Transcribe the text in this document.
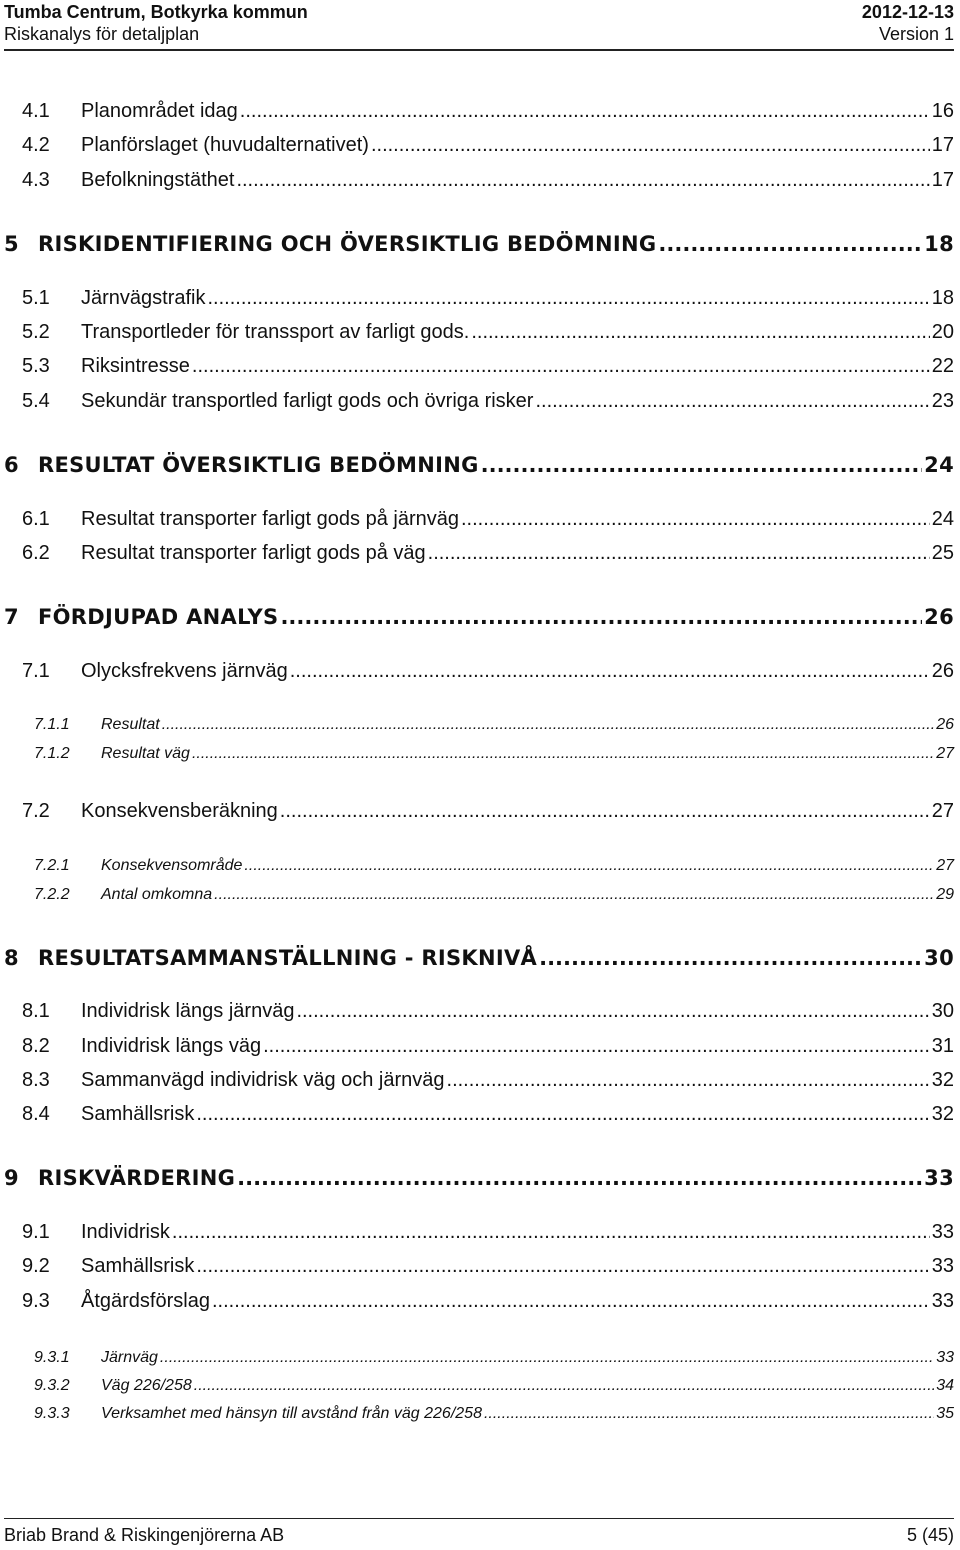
Tumba Centrum, Botkyrka kommun	2012-12-13
Riskanalys för detaljplan	Version 1
4.1	Planområdet idag .....	16
4.2	Planförslaget (huvudalternativet) .....	17
4.3	Befolkningstäthet .....	17
5 RISKIDENTIFIERING OCH ÖVERSIKTLIG BEDÖMNING .....	18
5.1	Järnvägstrafik .....	18
5.2	Transportleder för transsport av farligt gods. .....	20
5.3	Riksintresse .....	22
5.4	Sekundär transportled farligt gods och övriga risker .....	23
6 RESULTAT ÖVERSIKTLIG BEDÖMNING .....	24
6.1	Resultat transporter farligt gods på järnväg .....	24
6.2	Resultat transporter farligt gods på väg .....	25
7 FÖRDJUPAD ANALYS .....	26
7.1	Olycksfrekvens järnväg .....	26
7.1.1	Resultat .....	26
7.1.2	Resultat väg .....	27
7.2	Konsekvensberäkning .....	27
7.2.1	Konsekvensområde .....	27
7.2.2	Antal omkomna .....	29
8 RESULTATSAMMANSTÄLLNING - RISKNIVÅ .....	30
8.1	Individrisk längs järnväg .....	30
8.2	Individrisk längs väg .....	31
8.3	Sammanvägd individrisk väg och järnväg .....	32
8.4	Samhällsrisk .....	32
9 RISKVÄRDERING .....	33
9.1	Individrisk .....	33
9.2	Samhällsrisk .....	33
9.3	Åtgärdsförslag .....	33
9.3.1	Järnväg .....	33
9.3.2	Väg 226/258 .....	34
9.3.3	Verksamhet med hänsyn till avstånd från väg 226/258 .....	35
Briab Brand & Riskingenjörerna AB	5 (45)
